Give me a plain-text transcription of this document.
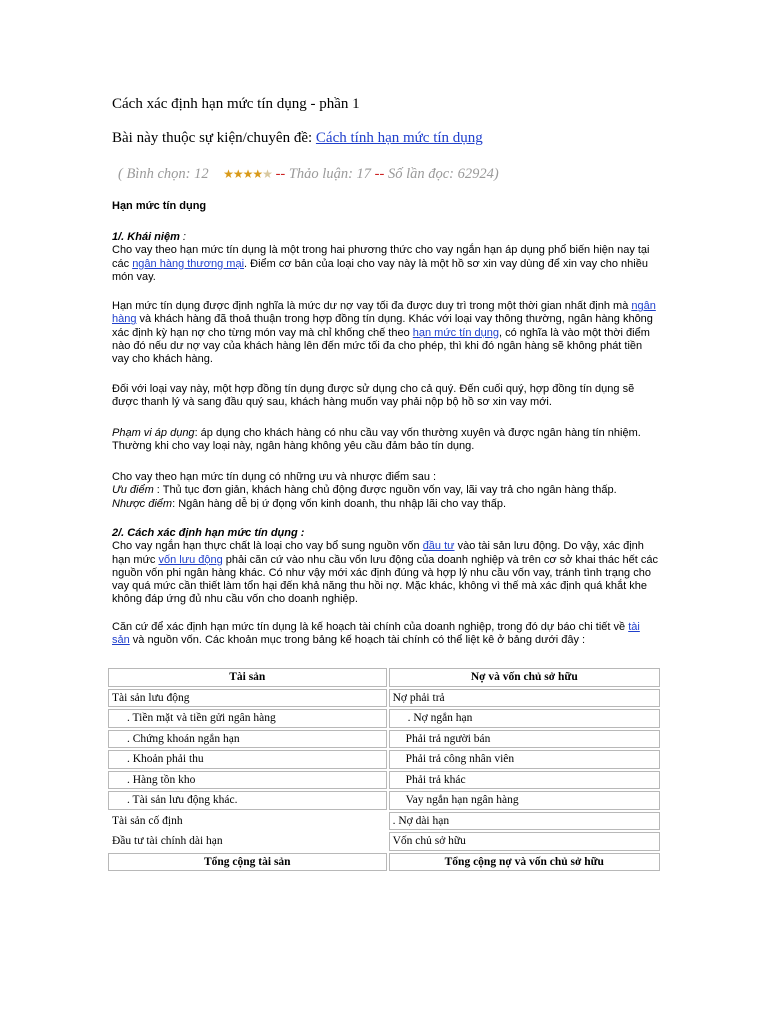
Cách xác định hạn mức tín dụng - phần 1
Bài này thuộc sự kiện/chuyên đề: Cách tính hạn mức tín dụng
( Bình chọn: 12 ★★★★★ -- Thảo luận: 17 -- Số lần đọc: 62924)
Hạn mức tín dụng
1/. Khái niệm :
Cho vay theo hạn mức tín dụng là một trong hai phương thức cho vay ngắn hạn áp dụng phổ biến hiện nay tại các ngân hàng thương mại. Điểm cơ bản của loại cho vay này là một hồ sơ xin vay dùng để xin vay cho nhiều món vay.
Hạn mức tín dụng được định nghĩa là mức dư nợ vay tối đa được duy trì trong một thời gian nhất định mà ngân hàng và khách hàng đã thoả thuận trong hợp đồng tín dụng. Khác với loại vay thông thường, ngân hàng không xác định kỳ hạn nợ cho từng món vay mà chỉ khống chế theo hạn mức tín dụng, có nghĩa là vào một thời điểm nào đó nếu dư nợ vay của khách hàng lên đến mức tối đa cho phép, thì khi đó ngân hàng sẽ không phát tiền vay cho khách hàng.
Đối với loại vay này, một hợp đồng tín dụng được sử dụng cho cả quý. Đến cuối quý, hợp đồng tín dụng sẽ được thanh lý và sang đầu quý sau, khách hàng muốn vay phải nộp bộ hồ sơ xin vay mới.
Phạm vi áp dụng: áp dụng cho khách hàng có nhu cầu vay vốn thường xuyên và được ngân hàng tín nhiệm. Thường khi cho vay loại này, ngân hàng không yêu cầu đảm bảo tín dụng.
Cho vay theo hạn mức tín dụng có những ưu và nhược điểm sau :
Ưu điểm : Thủ tục đơn giản, khách hàng chủ động được nguồn vốn vay, lãi vay trả cho ngân hàng thấp.
Nhược điểm: Ngân hàng dễ bị ứ đọng vốn kinh doanh, thu nhập lãi cho vay thấp.
2/. Cách xác định hạn mức tín dụng :
Cho vay ngắn hạn thực chất là loại cho vay bổ sung nguồn vốn đầu tư vào tài sản lưu động. Do vậy, xác định hạn mức vốn lưu động phải căn cứ vào nhu cầu vốn lưu động của doanh nghiệp và trên cơ sở khai thác hết các nguồn vốn phi ngân hàng khác. Có như vậy mới xác định đúng và hợp lý nhu cầu vốn vay, tránh tình trạng cho vay quá mức cần thiết làm tổn hại đến khả năng thu hồi nợ. Mặc khác, không vì thế mà xác định quá khắt khe không đáp ứng đủ nhu cầu vốn cho doanh nghiệp.
Căn cứ để xác định hạn mức tín dụng là kế hoạch tài chính của doanh nghiệp, trong đó dự báo chi tiết về tài sản và nguồn vốn. Các khoản mục trong bảng kế hoạch tài chính có thể liệt kê ở bảng dưới đây :
Tài sản	Nợ và vốn chủ sở hữu
Tài sản lưu động	Nợ phải trả
. Tiền mặt và tiền gửi ngân hàng	. Nợ ngắn hạn
. Chứng khoán ngắn hạn	Phải trả người bán
. Khoản phải thu	Phải trả công nhân viên
. Hàng tồn kho	Phải trả khác
. Tài sản lưu động khác.	Vay ngắn hạn ngân hàng
Tài sản cố định	. Nợ dài hạn
Đầu tư tài chính dài hạn	Vốn chủ sở hữu
Tổng cộng tài sản	Tổng cộng nợ và vốn chủ sở hữu
